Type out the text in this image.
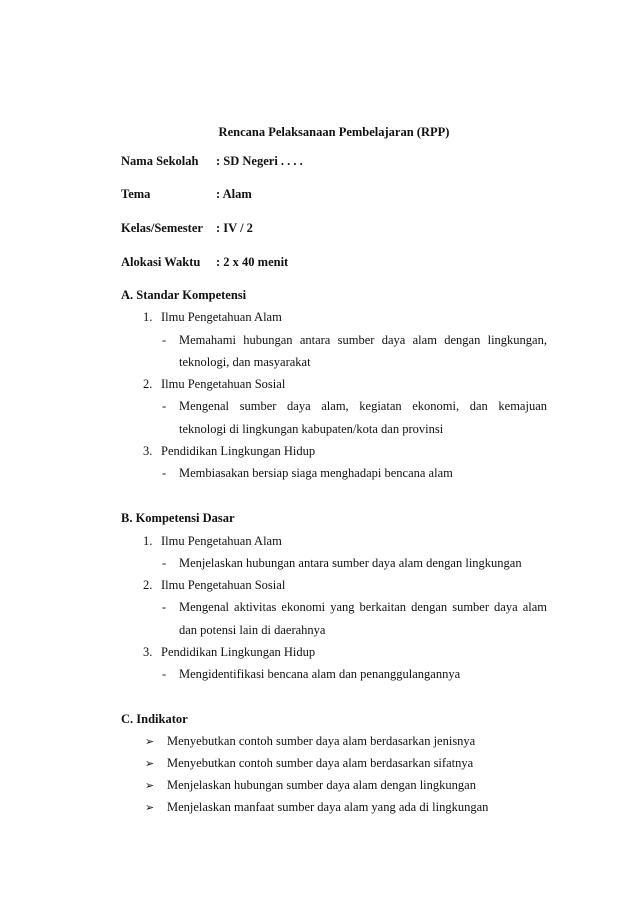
Rencana Pelaksanaan Pembelajaran (RPP)
Nama Sekolah : SD Negeri . . . .
Tema	: Alam
Kelas/Semester : IV / 2
Alokasi Waktu : 2 x 40 menit
A. Standar Kompetensi
1. Ilmu Pengetahuan Alam
- Memahami hubungan antara sumber daya alam dengan lingkungan,
teknologi, dan masyarakat
2. Ilmu Pengetahuan Sosial
- Mengenal sumber daya alam, kegiatan ekonomi, dan kemajuan
teknologi di lingkungan kabupaten/kota dan provinsi
3. Pendidikan Lingkungan Hidup
- Membiasakan bersiap siaga menghadapi bencana alam
B. Kompetensi Dasar
1. Ilmu Pengetahuan Alam
- Menjelaskan hubungan antara sumber daya alam dengan lingkungan
2. Ilmu Pengetahuan Sosial
- Mengenal aktivitas ekonomi yang berkaitan dengan sumber daya alam
dan potensi lain di daerahnya
3. Pendidikan Lingkungan Hidup
- Mengidentifikasi bencana alam dan penanggulangannya
C. Indikator
➢ Menyebutkan contoh sumber daya alam berdasarkan jenisnya
➢ Menyebutkan contoh sumber daya alam berdasarkan sifatnya
➢ Menjelaskan hubungan sumber daya alam dengan lingkungan
➢ Menjelaskan manfaat sumber daya alam yang ada di lingkungan
